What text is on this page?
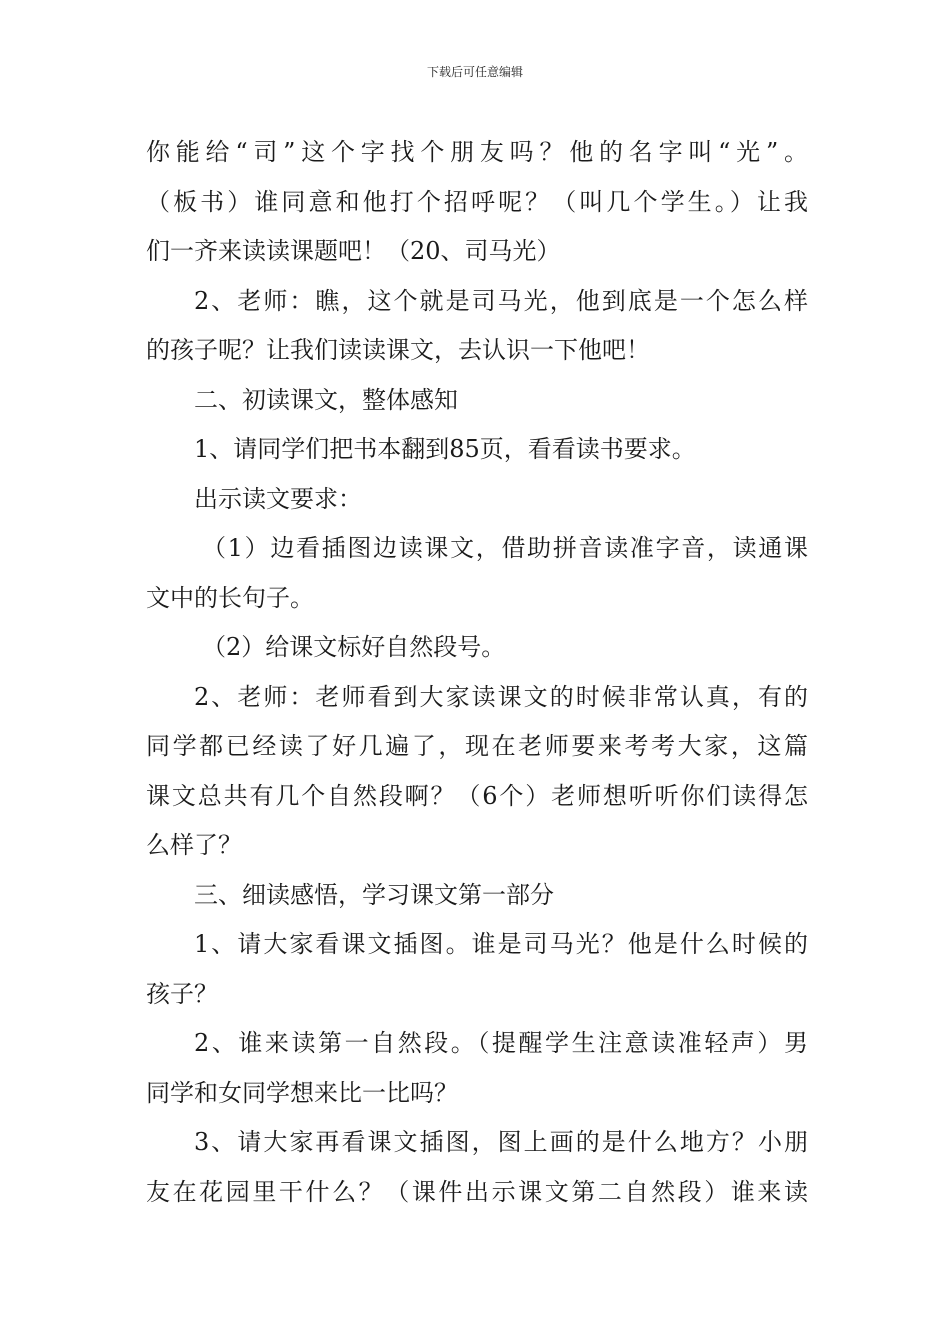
下载后可任意编辑
你能给“司”这个字找个朋友吗？他的名字叫“光”。
（板书）谁同意和他打个招呼呢？（叫几个学生。）让我
们一齐来读读课题吧！（20、司马光）
2、老师：瞧，这个就是司马光，他到底是一个怎么样
的孩子呢？让我们读读课文，去认识一下他吧！
二、初读课文，整体感知
1、请同学们把书本翻到85页，看看读书要求。
出示读文要求：
（1）边看插图边读课文，借助拼音读准字音，读通课
文中的长句子。
（2）给课文标好自然段号。
2、老师：老师看到大家读课文的时候非常认真，有的
同学都已经读了好几遍了，现在老师要来考考大家，这篇
课文总共有几个自然段啊？（6个）老师想听听你们读得怎
么样了？
三、细读感悟，学习课文第一部分
1、请大家看课文插图。谁是司马光？他是什么时候的
孩子？
2、谁来读第一自然段。（提醒学生注意读准轻声）男
同学和女同学想来比一比吗？
3、请大家再看课文插图，图上画的是什么地方？小朋
友在花园里干什么？（课件出示课文第二自然段）谁来读
